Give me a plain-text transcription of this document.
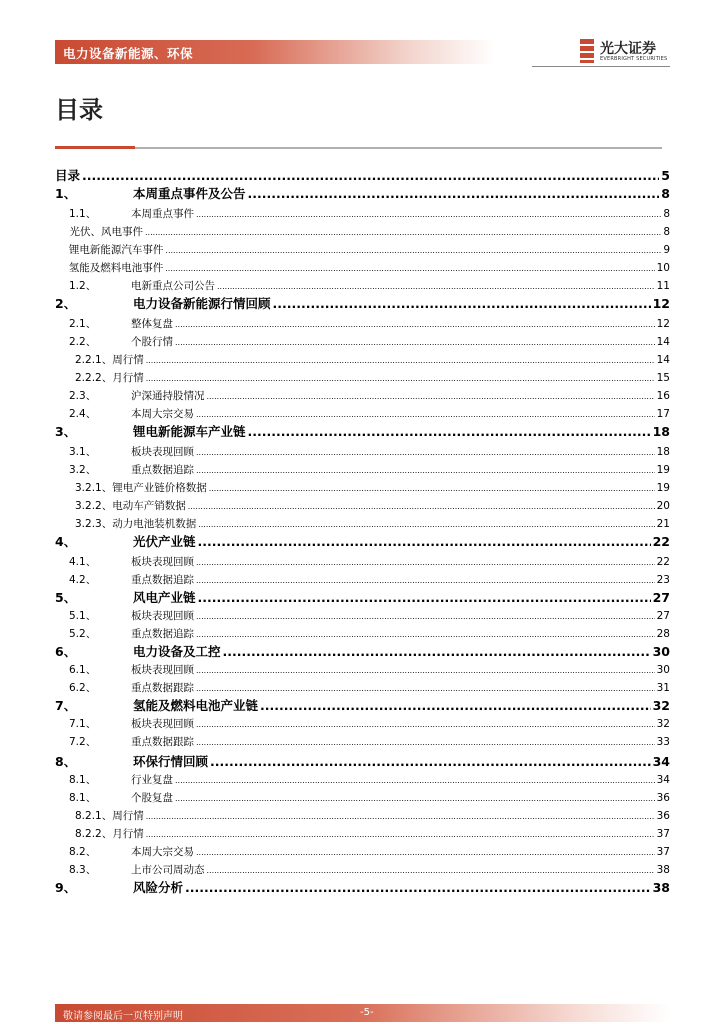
电力设备新能源、环保	光大证券
EVERBRIGHT SECURITIES
目录
目录 .....	5
1、	本周重点事件及公告 .....	8
1.1、	本周重点事件 .....	8
光伏、风电事件 .....	8
锂电新能源汽车事件 .....	9
氢能及燃料电池事件 .....	10
1.2、	电新重点公司公告 .....	11
2、	电力设备新能源行情回顾 .....	12
2.1、	整体复盘 .....	12
2.2、	个股行情 .....	14
2.2.1、 周行情 .....	14
2.2.2、 月行情 .....	15
2.3、	沪深通持股情况 .....	16
2.4、	本周大宗交易 .....	17
3、	锂电新能源车产业链 .....	18
3.1、	板块表现回顾 .....	18
3.2、	重点数据追踪 .....	19
3.2.1、 锂电产业链价格数据 .....	19
3.2.2、 电动车产销数据 .....	20
3.2.3、 动力电池装机数据 .....	21
4、	光伏产业链 .....	22
4.1、	板块表现回顾 .....	22
4.2、	重点数据追踪 .....	23
5、	风电产业链 .....	27
5.1、	板块表现回顾 .....	27
5.2、	重点数据追踪 .....	28
6、	电力设备及工控 .....	30
6.1、	板块表现回顾 .....	30
6.2、	重点数据跟踪 .....	31
7、	氢能及燃料电池产业链 .....	32
7.1、	板块表现回顾 .....	32
7.2、	重点数据跟踪 .....	33
8、	环保行情回顾 .....	34
8.1、	行业复盘 .....	34
8.1、	个股复盘 .....	36
8.2.1、 周行情 .....	36
8.2.2、 月行情 .....	37
8.2、	本周大宗交易 .....	37
8.3、	上市公司周动态 .....	38
9、	风险分析 .....	38
敬请参阅最后一页特别声明	-5-
